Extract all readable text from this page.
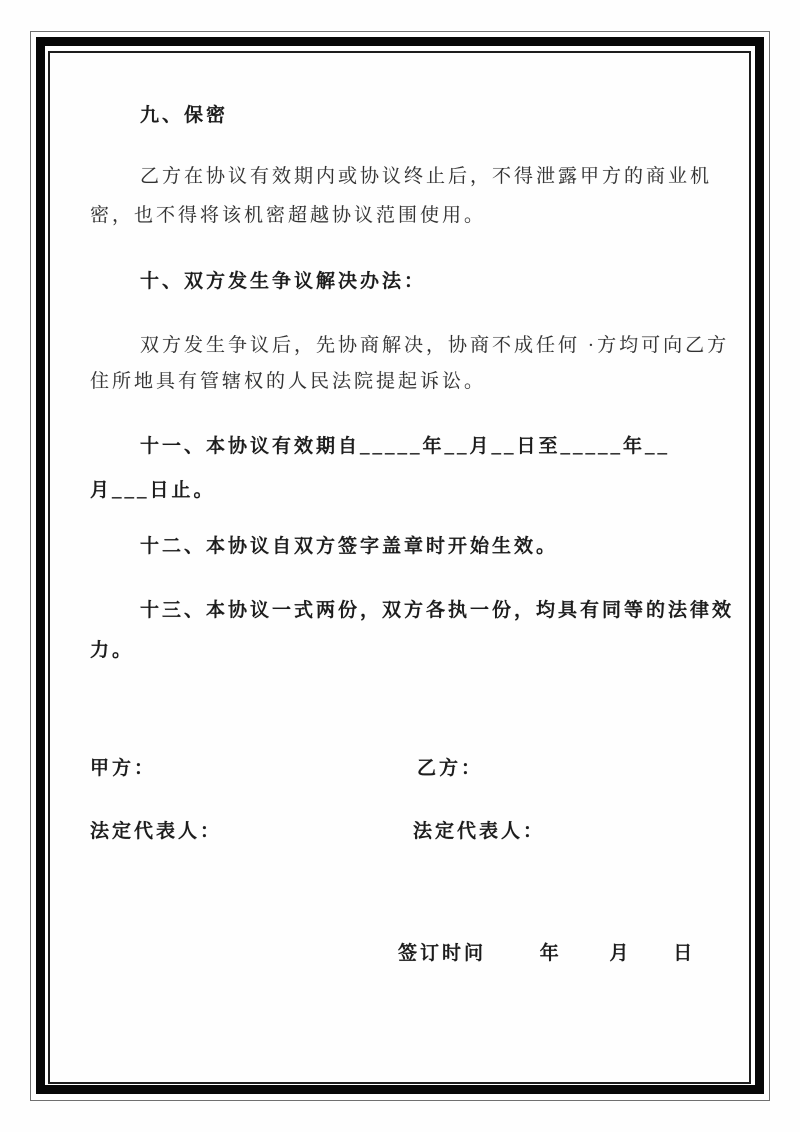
九、保密
乙方在协议有效期内或协议终止后，不得泄露甲方的商业机
密，也不得将该机密超越协议范围使用。
十、双方发生争议解决办法：
双方发生争议后，先协商解决，协商不成任何 ·方均可向乙方
住所地具有管辖权的人民法院提起诉讼。
十一、本协议有效期自_____年__月__日至_____年__
月___日止。
十二、本协议自双方签字盖章时开始生效。
十三、本协议一式两份，双方各执一份，均具有同等的法律效
力。
甲方：	乙方：
法定代表人：	法定代表人：
签订时问	年	月 日
